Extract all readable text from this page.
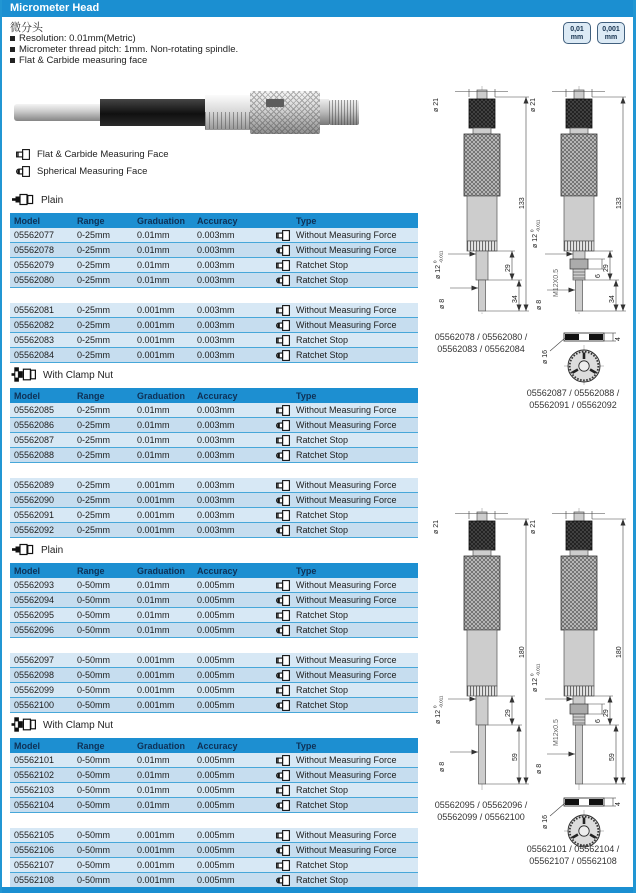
Micrometer Head
微分头
Resolution: 0.01mm(Metric)
Micrometer thread pitch: 1mm. Non-rotating spindle.
Flat & Carbide measuring face
0,01
mm
0,001
mm
Flat & Carbide Measuring Face
Spherical Measuring Face
Plain
Model	Range	Graduation	Accuracy	Type
05562077	0-25mm	0.01mm	0.003mm	Without Measuring Force
05562078	0-25mm	0.01mm	0.003mm	Without Measuring Force
05562079	0-25mm	0.01mm	0.003mm	Ratchet Stop
05562080	0-25mm	0.01mm	0.003mm	Ratchet Stop
05562081	0-25mm	0.001mm	0.003mm	Without Measuring Force
05562082	0-25mm	0.001mm	0.003mm	Without Measuring Force
05562083	0-25mm	0.001mm	0.003mm	Ratchet Stop
05562084	0-25mm	0.001mm	0.003mm	Ratchet Stop
With Clamp Nut
Model	Range	Graduation	Accuracy	Type
05562085	0-25mm	0.01mm	0.003mm	Without Measuring Force
05562086	0-25mm	0.01mm	0.003mm	Without Measuring Force
05562087	0-25mm	0.01mm	0.003mm	Ratchet Stop
05562088	0-25mm	0.01mm	0.003mm	Ratchet Stop
05562089	0-25mm	0.001mm	0.003mm	Without Measuring Force
05562090	0-25mm	0.001mm	0.003mm	Without Measuring Force
05562091	0-25mm	0.001mm	0.003mm	Ratchet Stop
05562092	0-25mm	0.001mm	0.003mm	Ratchet Stop
Plain
Model	Range	Graduation	Accuracy	Type
05562093	0-50mm	0.01mm	0.005mm	Without Measuring Force
05562094	0-50mm	0.01mm	0.005mm	Without Measuring Force
05562095	0-50mm	0.01mm	0.005mm	Ratchet Stop
05562096	0-50mm	0.01mm	0.005mm	Ratchet Stop
05562097	0-50mm	0.001mm	0.005mm	Without Measuring Force
05562098	0-50mm	0.001mm	0.005mm	Without Measuring Force
05562099	0-50mm	0.001mm	0.005mm	Ratchet Stop
05562100	0-50mm	0.001mm	0.005mm	Ratchet Stop
With Clamp Nut
Model	Range	Graduation	Accuracy	Type
05562101	0-50mm	0.01mm	0.005mm	Without Measuring Force
05562102	0-50mm	0.01mm	0.005mm	Without Measuring Force
05562103	0-50mm	0.01mm	0.005mm	Ratchet Stop
05562104	0-50mm	0.01mm	0.005mm	Ratchet Stop
05562105	0-50mm	0.001mm	0.005mm	Without Measuring Force
05562106	0-50mm	0.001mm	0.005mm	Without Measuring Force
05562107	0-50mm	0.001mm	0.005mm	Ratchet Stop
05562108	0-50mm	0.001mm	0.005mm	Ratchet Stop
ø 21
133
29
34
ø 12
0 -0.011
ø 8
ø 21
133
6
29
34
ø 12
0 -0.011
M12X0.5
ø 8
05562078 / 05562080 /
05562083 / 05562084
4
ø 16
05562087 / 05562088 /
05562091 / 05562092
ø 21
180
29
59
ø 12
0 -0.011
ø 8
ø 21
180
6
29
59
ø 12
0 -0.011
M12x0.5
ø 8
05562095 / 05562096 /
05562099 / 05562100
4
ø 16
05562101 / 05562104 /
05562107 / 05562108
